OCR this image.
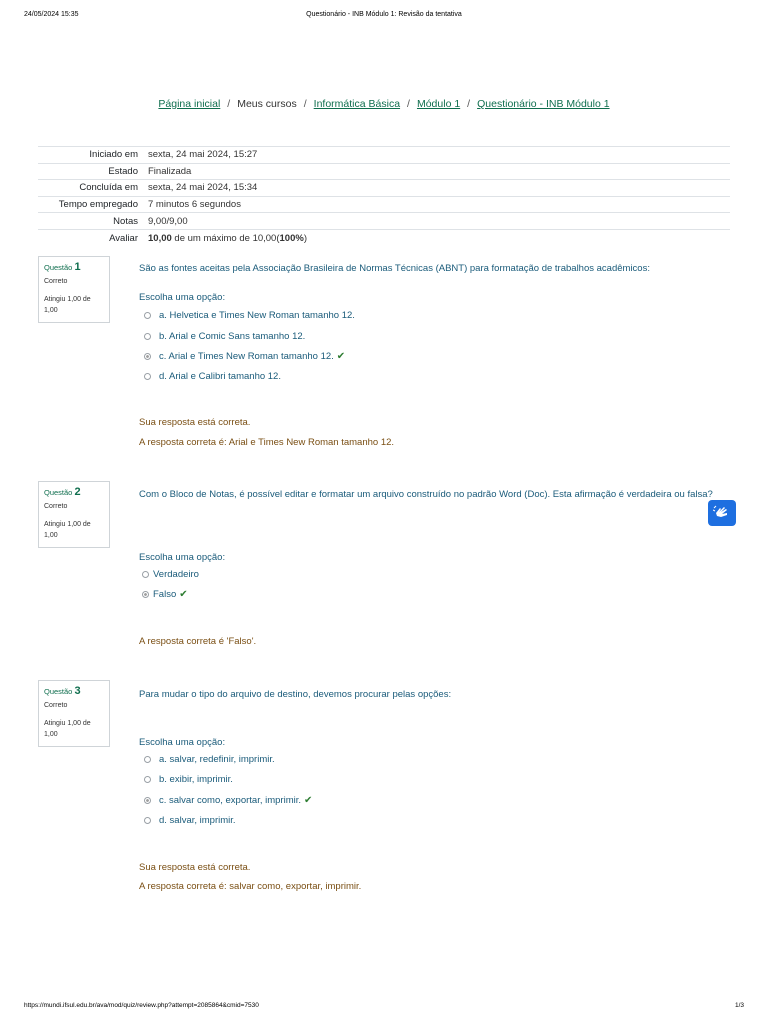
24/05/2024 15:35	Questionário - INB Módulo 1: Revisão da tentativa
Página inicial / Meus cursos / Informática Básica / Módulo 1 / Questionário - INB Módulo 1
Iniciado em	sexta, 24 mai 2024, 15:27
Estado	Finalizada
Concluída em	sexta, 24 mai 2024, 15:34
Tempo empregado	7 minutos 6 segundos
Notas	9,00/9,00
Avaliar	10,00 de um máximo de 10,00(100%)
Questão 1
Correto
Atingiu 1,00 de 1,00
São as fontes aceitas pela Associação Brasileira de Normas Técnicas (ABNT) para formatação de trabalhos acadêmicos:
Escolha uma opção:
a. Helvetica e Times New Roman tamanho 12.
b. Arial e Comic Sans tamanho 12.
c. Arial e Times New Roman tamanho 12. ✔
d. Arial e Calibri tamanho 12.
Sua resposta está correta.
A resposta correta é: Arial e Times New Roman tamanho 12.
Questão 2
Correto
Atingiu 1,00 de 1,00
Com o Bloco de Notas, é possível editar e formatar um arquivo construído no padrão Word (Doc). Esta afirmação é verdadeira ou falsa?
Escolha uma opção:
Verdadeiro
Falso ✔
A resposta correta é 'Falso'.
Questão 3
Correto
Atingiu 1,00 de 1,00
Para mudar o tipo do arquivo de destino, devemos procurar pelas opções:
Escolha uma opção:
a. salvar, redefinir, imprimir.
b. exibir, imprimir.
c. salvar como, exportar, imprimir. ✔
d. salvar, imprimir.
Sua resposta está correta.
A resposta correta é: salvar como, exportar, imprimir.
https://mundi.ifsul.edu.br/ava/mod/quiz/review.php?attempt=2085864&cmid=7530	1/3
